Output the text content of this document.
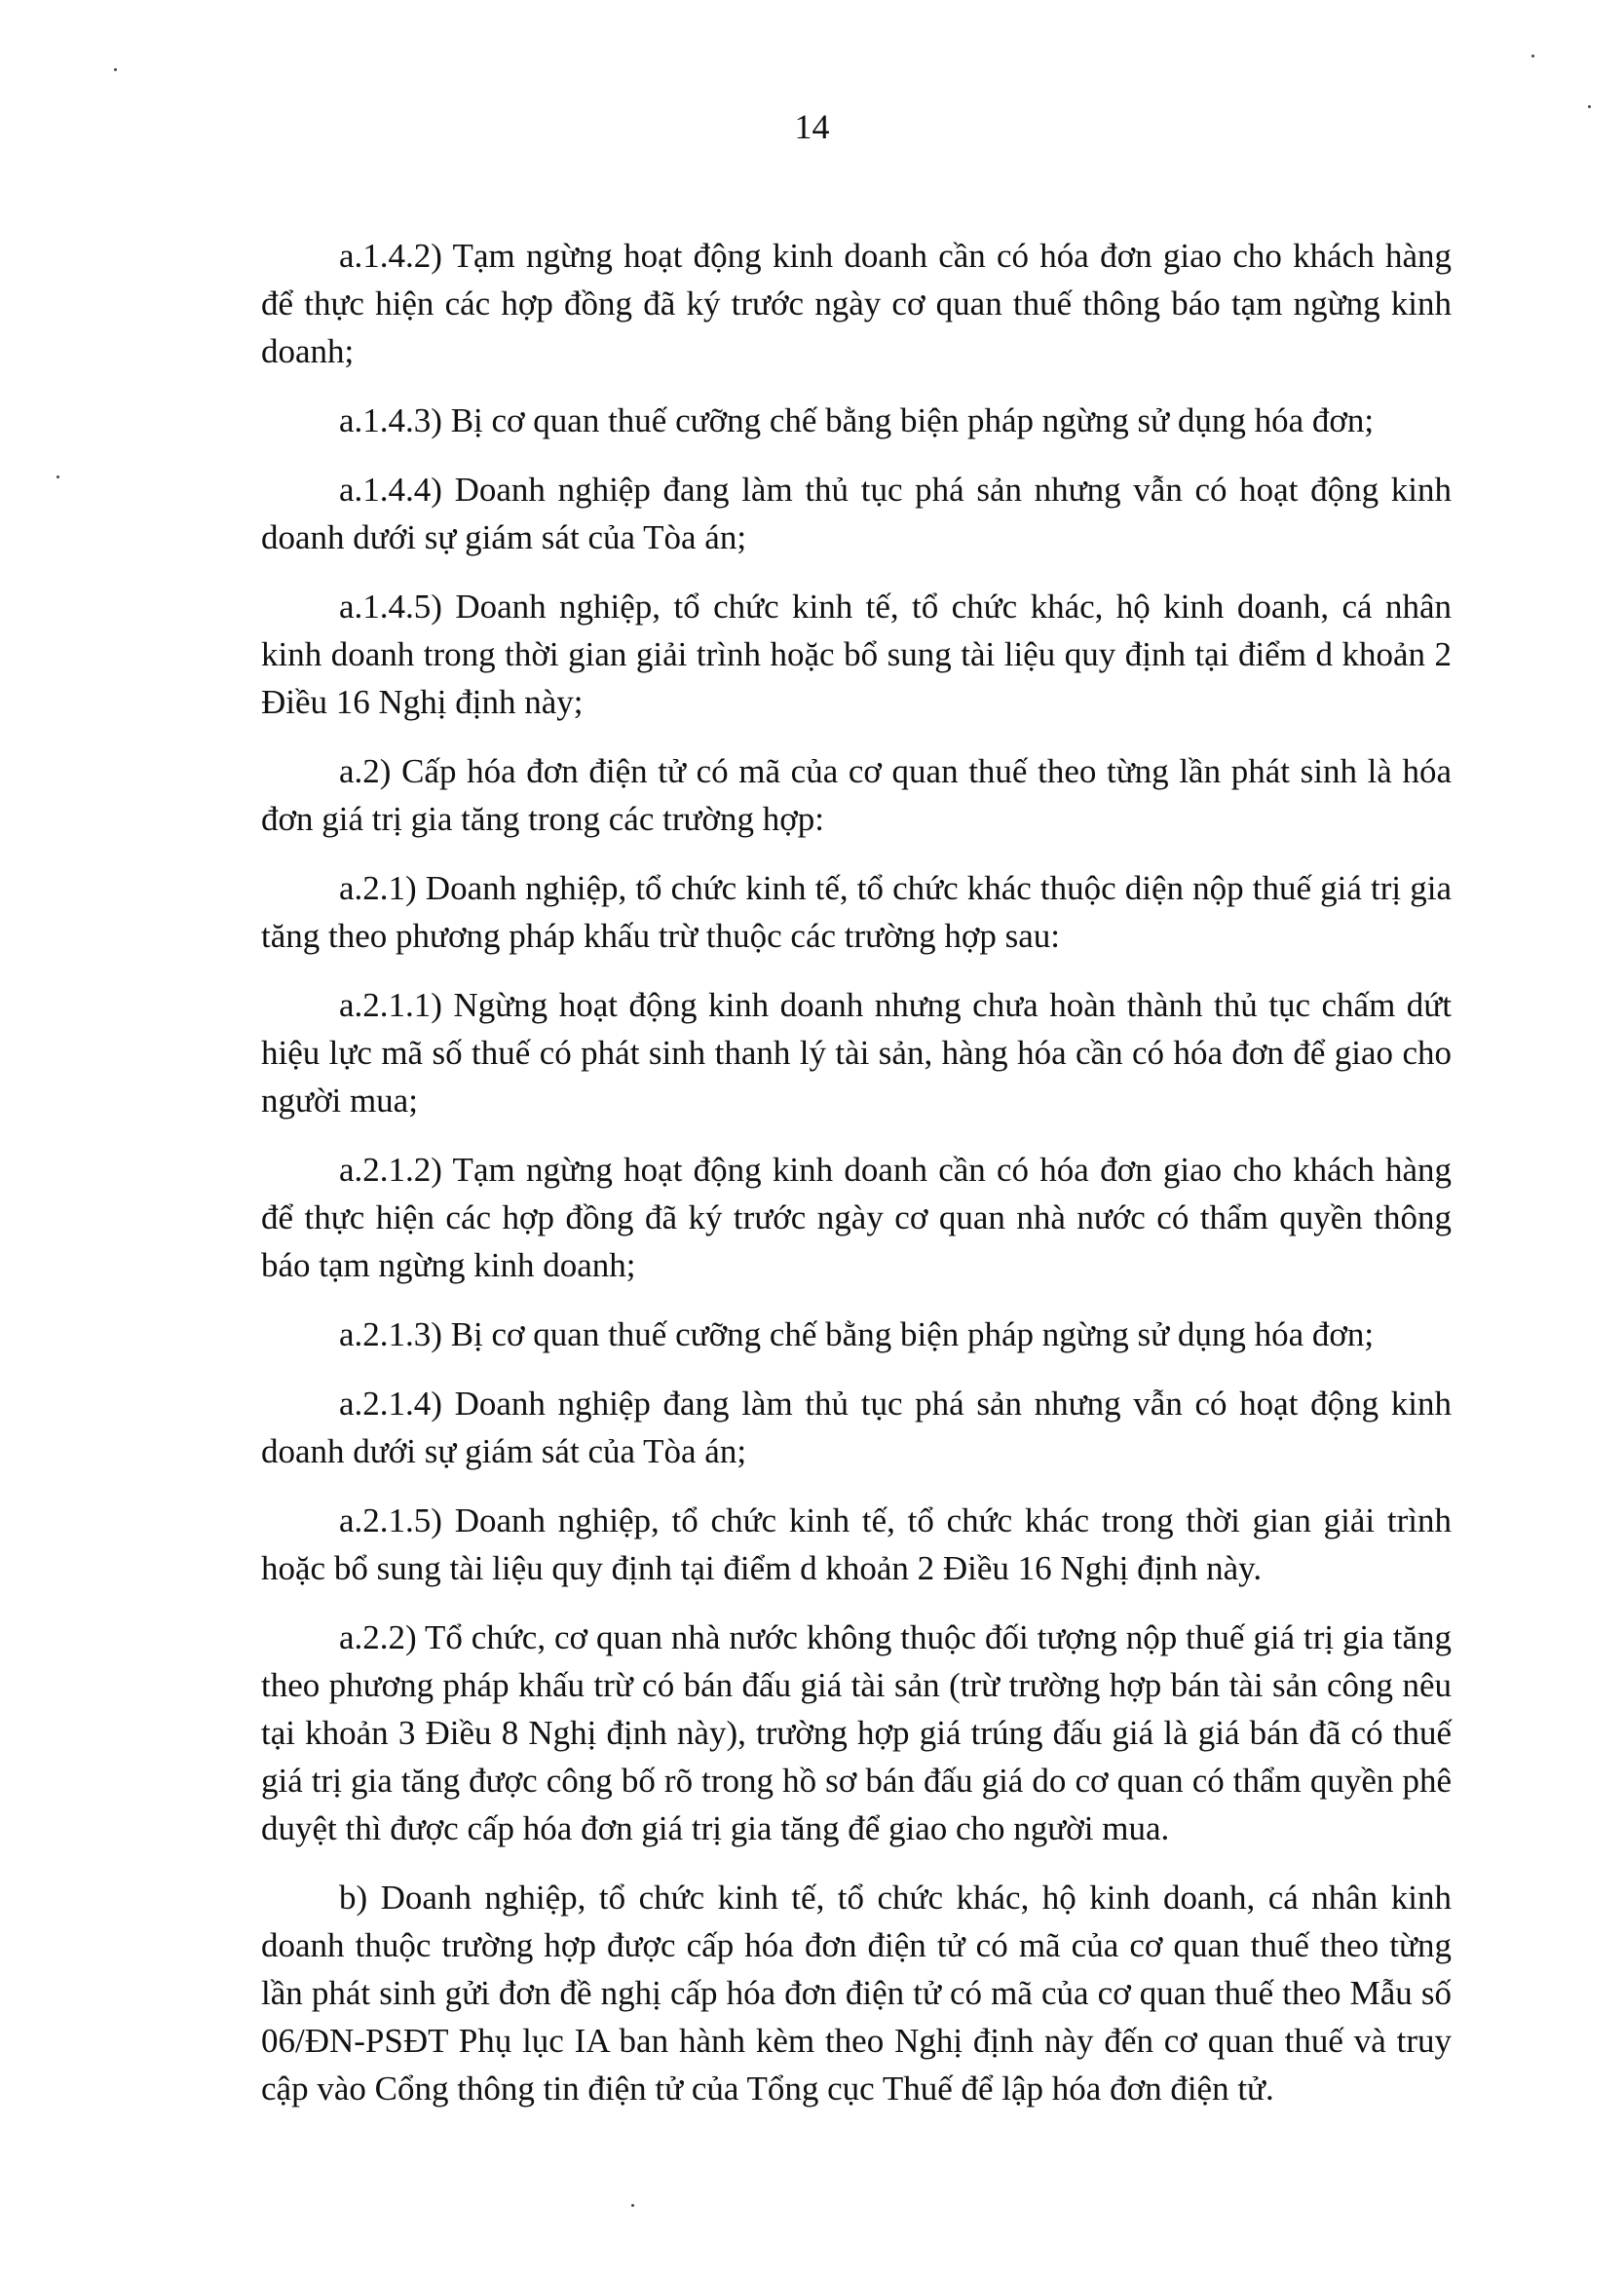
14

a.1.4.2) Tạm ngừng hoạt động kinh doanh cần có hóa đơn giao cho khách hàng để thực hiện các hợp đồng đã ký trước ngày cơ quan thuế thông báo tạm ngừng kinh doanh;

a.1.4.3) Bị cơ quan thuế cưỡng chế bằng biện pháp ngừng sử dụng hóa đơn;

a.1.4.4) Doanh nghiệp đang làm thủ tục phá sản nhưng vẫn có hoạt động kinh doanh dưới sự giám sát của Tòa án;

a.1.4.5) Doanh nghiệp, tổ chức kinh tế, tổ chức khác, hộ kinh doanh, cá nhân kinh doanh trong thời gian giải trình hoặc bổ sung tài liệu quy định tại điểm d khoản 2 Điều 16 Nghị định này;

a.2) Cấp hóa đơn điện tử có mã của cơ quan thuế theo từng lần phát sinh là hóa đơn giá trị gia tăng trong các trường hợp:

a.2.1) Doanh nghiệp, tổ chức kinh tế, tổ chức khác thuộc diện nộp thuế giá trị gia tăng theo phương pháp khấu trừ thuộc các trường hợp sau:

a.2.1.1) Ngừng hoạt động kinh doanh nhưng chưa hoàn thành thủ tục chấm dứt hiệu lực mã số thuế có phát sinh thanh lý tài sản, hàng hóa cần có hóa đơn để giao cho người mua;

a.2.1.2) Tạm ngừng hoạt động kinh doanh cần có hóa đơn giao cho khách hàng để thực hiện các hợp đồng đã ký trước ngày cơ quan nhà nước có thẩm quyền thông báo tạm ngừng kinh doanh;

a.2.1.3) Bị cơ quan thuế cưỡng chế bằng biện pháp ngừng sử dụng hóa đơn;

a.2.1.4) Doanh nghiệp đang làm thủ tục phá sản nhưng vẫn có hoạt động kinh doanh dưới sự giám sát của Tòa án;

a.2.1.5) Doanh nghiệp, tổ chức kinh tế, tổ chức khác trong thời gian giải trình hoặc bổ sung tài liệu quy định tại điểm d khoản 2 Điều 16 Nghị định này.

a.2.2) Tổ chức, cơ quan nhà nước không thuộc đối tượng nộp thuế giá trị gia tăng theo phương pháp khấu trừ có bán đấu giá tài sản (trừ trường hợp bán tài sản công nêu tại khoản 3 Điều 8 Nghị định này), trường hợp giá trúng đấu giá là giá bán đã có thuế giá trị gia tăng được công bố rõ trong hồ sơ bán đấu giá do cơ quan có thẩm quyền phê duyệt thì được cấp hóa đơn giá trị gia tăng để giao cho người mua.

b) Doanh nghiệp, tổ chức kinh tế, tổ chức khác, hộ kinh doanh, cá nhân kinh doanh thuộc trường hợp được cấp hóa đơn điện tử có mã của cơ quan thuế theo từng lần phát sinh gửi đơn đề nghị cấp hóa đơn điện tử có mã của cơ quan thuế theo Mẫu số 06/ĐN-PSĐT Phụ lục IA ban hành kèm theo Nghị định này đến cơ quan thuế và truy cập vào Cổng thông tin điện tử của Tổng cục Thuế để lập hóa đơn điện tử.
